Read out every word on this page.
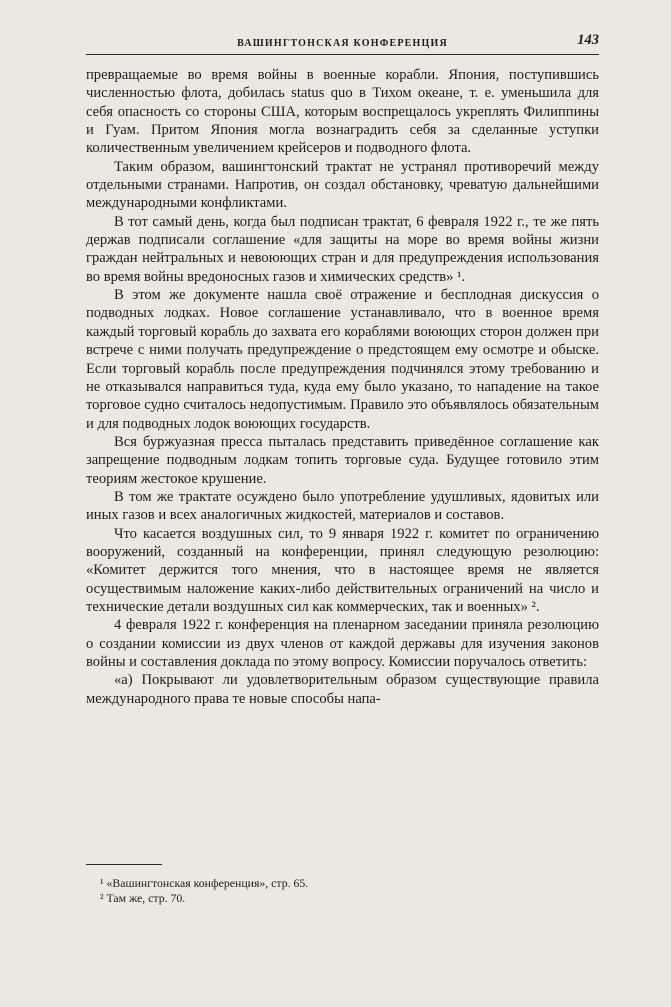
ВАШИНГТОНСКАЯ КОНФЕРЕНЦИЯ	143

превращаемые во время войны в военные корабли. Япония, поступившись численностью флота, добилась status quo в Тихом океане, т. е. уменьшила для себя опасность со стороны США, которым воспрещалось укреплять Филиппины и Гуам. Притом Япония могла вознаградить себя за сделанные уступки количественным увеличением крейсеров и подводного флота.

Таким образом, вашингтонский трактат не устранял противоречий между отдельными странами. Напротив, он создал обстановку, чреватую дальнейшими международными конфликтами.

В тот самый день, когда был подписан трактат, 6 февраля 1922 г., те же пять держав подписали соглашение «для защиты на море во время войны жизни граждан нейтральных и невоюющих стран и для предупреждения использования во время войны вредоносных газов и химических средств» ¹.

В этом же документе нашла своё отражение и бесплодная дискуссия о подводных лодках. Новое соглашение устанавливало, что в военное время каждый торговый корабль до захвата его кораблями воюющих сторон должен при встрече с ними получать предупреждение о предстоящем ему осмотре и обыске. Если торговый корабль после предупреждения подчинялся этому требованию и не отказывался направиться туда, куда ему было указано, то нападение на такое торговое судно считалось недопустимым. Правило это объявлялось обязательным и для подводных лодок воюющих государств.

Вся буржуазная пресса пыталась представить приведённое соглашение как запрещение подводным лодкам топить торговые суда. Будущее готовило этим теориям жестокое крушение.

В том же трактате осуждено было употребление удушливых, ядовитых или иных газов и всех аналогичных жидкостей, материалов и составов.

Что касается воздушных сил, то 9 января 1922 г. комитет по ограничению вооружений, созданный на конференции, принял следующую резолюцию: «Комитет держится того мнения, что в настоящее время не является осуществимым наложение каких-либо действительных ограничений на число и технические детали воздушных сил как коммерческих, так и военных» ².

4 февраля 1922 г. конференция на пленарном заседании приняла резолюцию о создании комиссии из двух членов от каждой державы для изучения законов войны и составления доклада по этому вопросу. Комиссии поручалось ответить:

«а) Покрывают ли удовлетворительным образом существующие правила международного права те новые способы напа-

¹ «Вашингтонская конференция», стр. 65.

² Там же, стр. 70.
